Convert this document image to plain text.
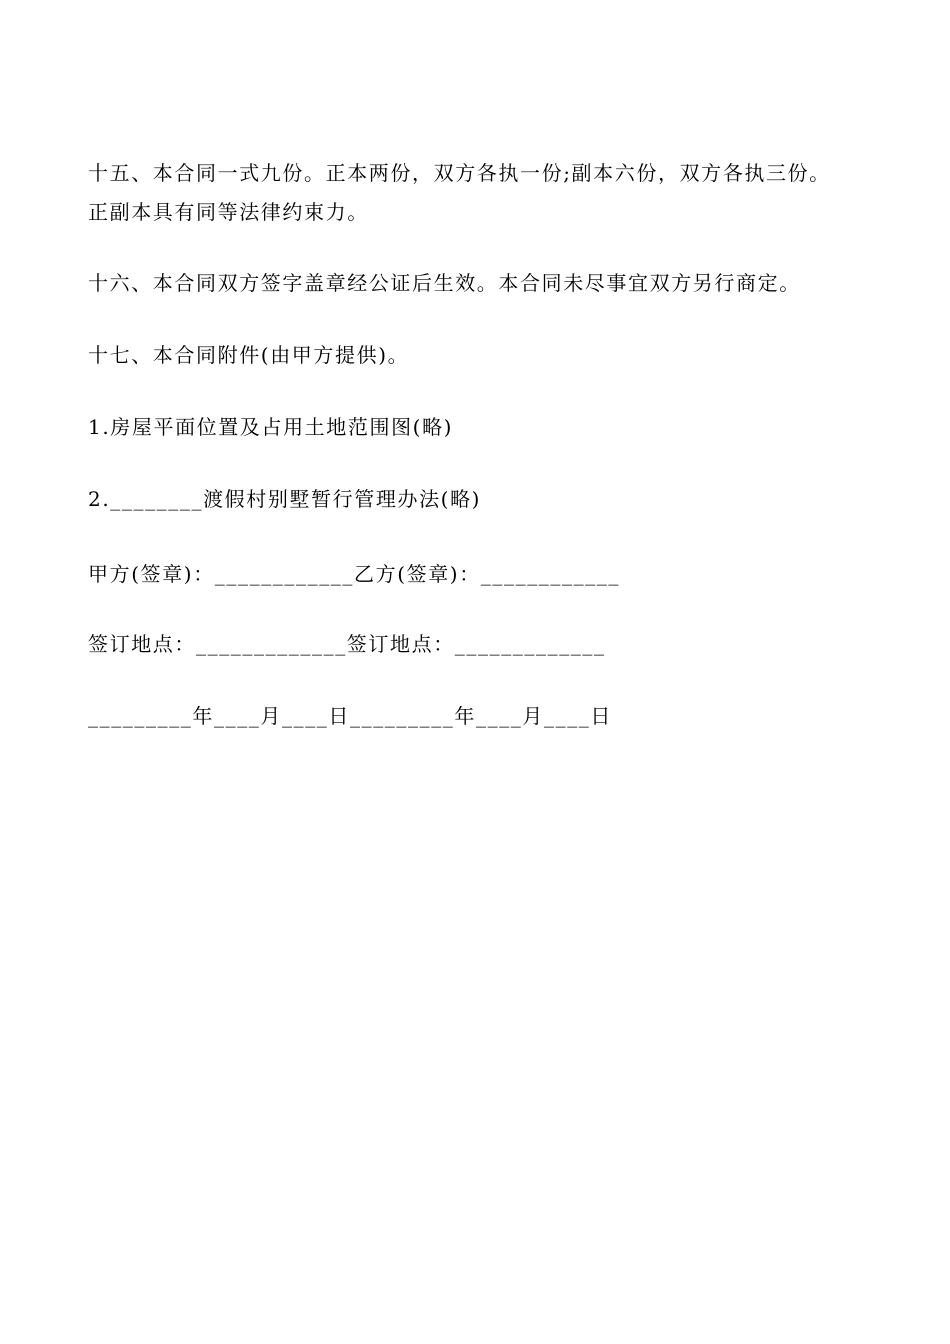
十五、本合同一式九份。正本两份，双方各执一份;副本六份，双方各执三份。
正副本具有同等法律约束力。
十六、本合同双方签字盖章经公证后生效。本合同未尽事宜双方另行商定。
十七、本合同附件(由甲方提供)。
1.房屋平面位置及占用土地范围图(略)
2.________渡假村别墅暂行管理办法(略)
甲方(签章)：____________乙方(签章)：____________
签订地点：_____________签订地点：_____________
_________年____月____日_________年____月____日
